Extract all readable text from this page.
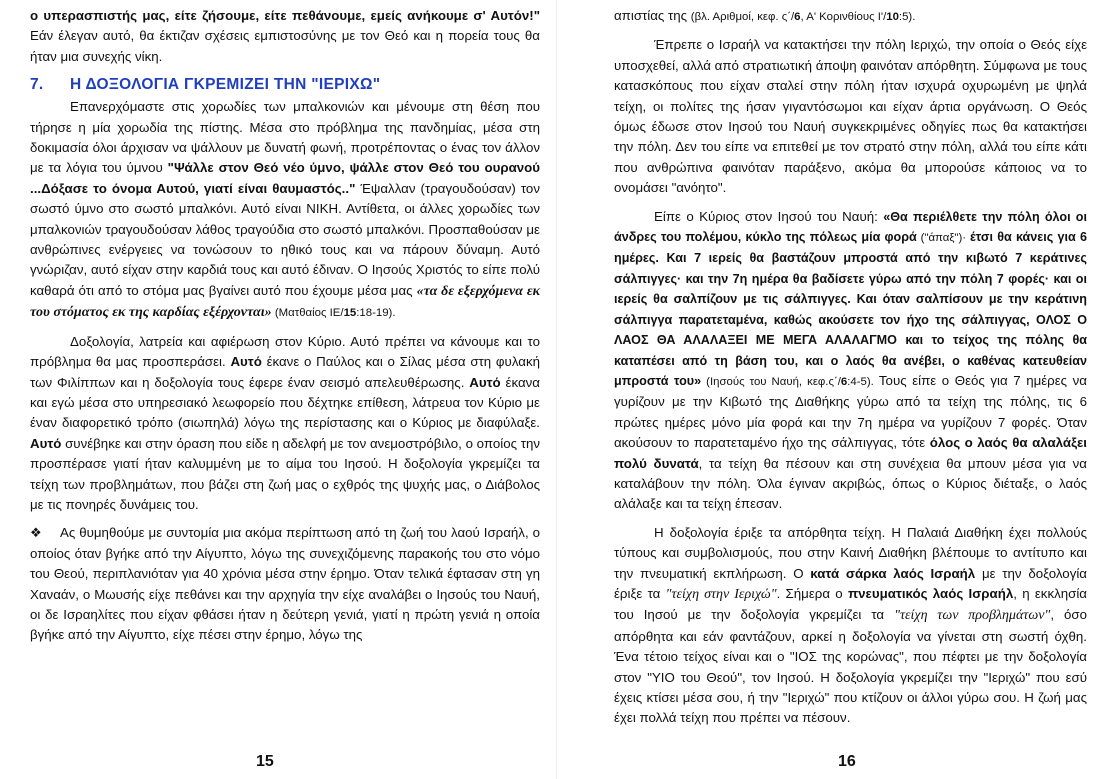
ο υπερασπιστής μας, είτε ζήσουμε, είτε πεθάνουμε, εμείς ανήκουμε σ' Αυτόν!" Εάν έλεγαν αυτό, θα έκτιζαν σχέσεις εμπιστοσύνης με τον Θεό και η πορεία τους θα ήταν μια συνεχής νίκη.

7. Η ΔΟΞΟΛΟΓΙΑ ΓΚΡΕΜΙΖΕΙ ΤΗΝ "ΙΕΡΙΧΩ"

Επανερχόμαστε στις χορωδίες των μπαλκονιών και μένουμε στη θέση που τήρησε η μία χορωδία της πίστης. Μέσα στο πρόβλημα της πανδημίας, μέσα στη δοκιμασία όλοι άρχισαν να ψάλλουν με δυνατή φωνή, προτρέποντας ο ένας τον άλλον με τα λόγια του ύμνου "Ψάλλε στον Θεό νέο ύμνο, ψάλλε στον Θεό του ουρανού ...Δόξασε το όνομα Αυτού, γιατί είναι θαυμαστός.." Έψαλλαν (τραγουδούσαν) τον σωστό ύμνο στο σωστό μπαλκόνι. Αυτό είναι ΝΙΚΗ. Αντίθετα, οι άλλες χορωδίες των μπαλκονιών τραγουδούσαν λάθος τραγούδια στο σωστό μπαλκόνι. Προσπαθούσαν με ανθρώπινες ενέργειες να τονώσουν το ηθικό τους και να πάρουν δύναμη. Αυτό γνώριζαν, αυτό είχαν στην καρδιά τους και αυτό έδιναν. Ο Ιησούς Χριστός το είπε πολύ καθαρά ότι από το στόμα μας βγαίνει αυτό που έχουμε μέσα μας «τα δε εξερχόμενα εκ του στόματος εκ της καρδίας εξέρχονται» (Ματθαίος ΙΕ/15:18-19).

Δοξολογία, λατρεία και αφιέρωση στον Κύριο. Αυτό πρέπει να κάνουμε και το πρόβλημα θα μας προσπεράσει. Αυτό έκανε ο Παύλος και ο Σίλας μέσα στη φυλακή των Φιλίππων και η δοξολογία τους έφερε έναν σεισμό απελευθέρωσης. Αυτό έκανα και εγώ μέσα στο υπηρεσιακό λεωφορείο που δέχτηκε επίθεση, λάτρευα τον Κύριο με έναν διαφορετικό τρόπο (σιωπηλά) λόγω της περίστασης και ο Κύριος με διαφύλαξε. Αυτό συνέβηκε και στην όραση που είδε η αδελφή με τον ανεμοστρόβιλο, ο οποίος την προσπέρασε γιατί ήταν καλυμμένη με το αίμα του Ιησού. Η δοξολογία γκρεμίζει τα τείχη των προβλημάτων, που βάζει στη ζωή μας ο εχθρός της ψυχής μας, ο Διάβολος με τις πονηρές δυνάμεις του.

❖ Ας θυμηθούμε με συντομία μια ακόμα περίπτωση από τη ζωή του λαού Ισραήλ, ο οποίος όταν βγήκε από την Αίγυπτο, λόγω της συνεχιζόμενης παρακοής του στο νόμο του Θεού, περιπλανιόταν για 40 χρόνια μέσα στην έρημο. Όταν τελικά έφτασαν στη γη Χαναάν, ο Μωυσής είχε πεθάνει και την αρχηγία την είχε αναλάβει ο Ιησούς του Ναυή, οι δε Ισραηλίτες που είχαν φθάσει ήταν η δεύτερη γενιά, γιατί η πρώτη γενιά η οποία βγήκε από την Αίγυπτο, είχε πέσει στην έρημο, λόγω της

15

απιστίας της (βλ. Αριθμοί, κεφ. ς΄/6, Α' Κορινθίους Ι'/10:5).

Έπρεπε ο Ισραήλ να κατακτήσει την πόλη Ιεριχώ, την οποία ο Θεός είχε υποσχεθεί, αλλά από στρατιωτική άποψη φαινόταν απόρθητη. Σύμφωνα με τους κατασκόπους που είχαν σταλεί στην πόλη ήταν ισχυρά οχυρωμένη με ψηλά τείχη, οι πολίτες της ήσαν γιγαντόσωμοι και είχαν άρτια οργάνωση. Ο Θεός όμως έδωσε στον Ιησού του Ναυή συγκεκριμένες οδηγίες πως θα κατακτήσει την πόλη. Δεν του είπε να επιτεθεί με τον στρατό στην πόλη, αλλά του είπε κάτι που ανθρώπινα φαινόταν παράξενο, ακόμα θα μπορούσε κάποιος να το ονομάσει "ανόητο".

Είπε ο Κύριος στον Ιησού του Ναυή: «Θα περιέλθετε την πόλη όλοι οι άνδρες του πολέμου, κύκλο της πόλεως μία φορά ("άπαξ")· έτσι θα κάνεις για 6 ημέρες. Και 7 ιερείς θα βαστάζουν μπροστά από την κιβωτό 7 κεράτινες σάλπιγγες· και την 7η ημέρα θα βαδίσετε γύρω από την πόλη 7 φορές· και οι ιερείς θα σαλπίζουν με τις σάλπιγγες. Και όταν σαλπίσουν με την κεράτινη σάλπιγγα παρατεταμένα, καθώς ακούσετε τον ήχο της σάλπιγγας, ΟΛΟΣ Ο ΛΑΟΣ ΘΑ ΑΛΑΛΑΞΕΙ ΜΕ ΜΕΓΑ ΑΛΑΛΑΓΜΟ και το τείχος της πόλης θα καταπέσει από τη βάση του, και ο λαός θα ανέβει, ο καθένας κατευθείαν μπροστά του» (Ιησούς του Ναυή, κεφ.ς΄/6:4-5). Τους είπε ο Θεός για 7 ημέρες να γυρίζουν με την Κιβωτό της Διαθήκης γύρω από τα τείχη της πόλης, τις 6 πρώτες ημέρες μόνο μία φορά και την 7η ημέρα να γυρίζουν 7 φορές. Όταν ακούσουν το παρατεταμένο ήχο της σάλπιγγας, τότε όλος ο λαός θα αλαλάξει πολύ δυνατά, τα τείχη θα πέσουν και στη συνέχεια θα μπουν μέσα για να καταλάβουν την πόλη. Όλα έγιναν ακριβώς, όπως ο Κύριος διέταξε, ο λαός αλάλαξε και τα τείχη έπεσαν.

Η δοξολογία έριξε τα απόρθητα τείχη. Η Παλαιά Διαθήκη έχει πολλούς τύπους και συμβολισμούς, που στην Καινή Διαθήκη βλέπουμε το αντίτυπο και την πνευματική εκπλήρωση. Ο κατά σάρκα λαός Ισραήλ με την δοξολογία έριξε τα "τείχη στην Ιεριχώ". Σήμερα ο πνευματικός λαός Ισραήλ, η εκκλησία του Ιησού με την δοξολογία γκρεμίζει τα "τείχη των προβλημάτων", όσο απόρθητα και εάν φαντάζουν, αρκεί η δοξολογία να γίνεται στη σωστή όχθη. Ένα τέτοιο τείχος είναι και ο "ΙΟΣ της κορώνας", που πέφτει με την δοξολογία στον "ΥΙΟ του Θεού", τον Ιησού. Η δοξολογία γκρεμίζει την "Ιεριχώ" που εσύ έχεις κτίσει μέσα σου, ή την "Ιεριχώ" που κτίζουν οι άλλοι γύρω σου. Η ζωή μας έχει πολλά τείχη που πρέπει να πέσουν.

16
